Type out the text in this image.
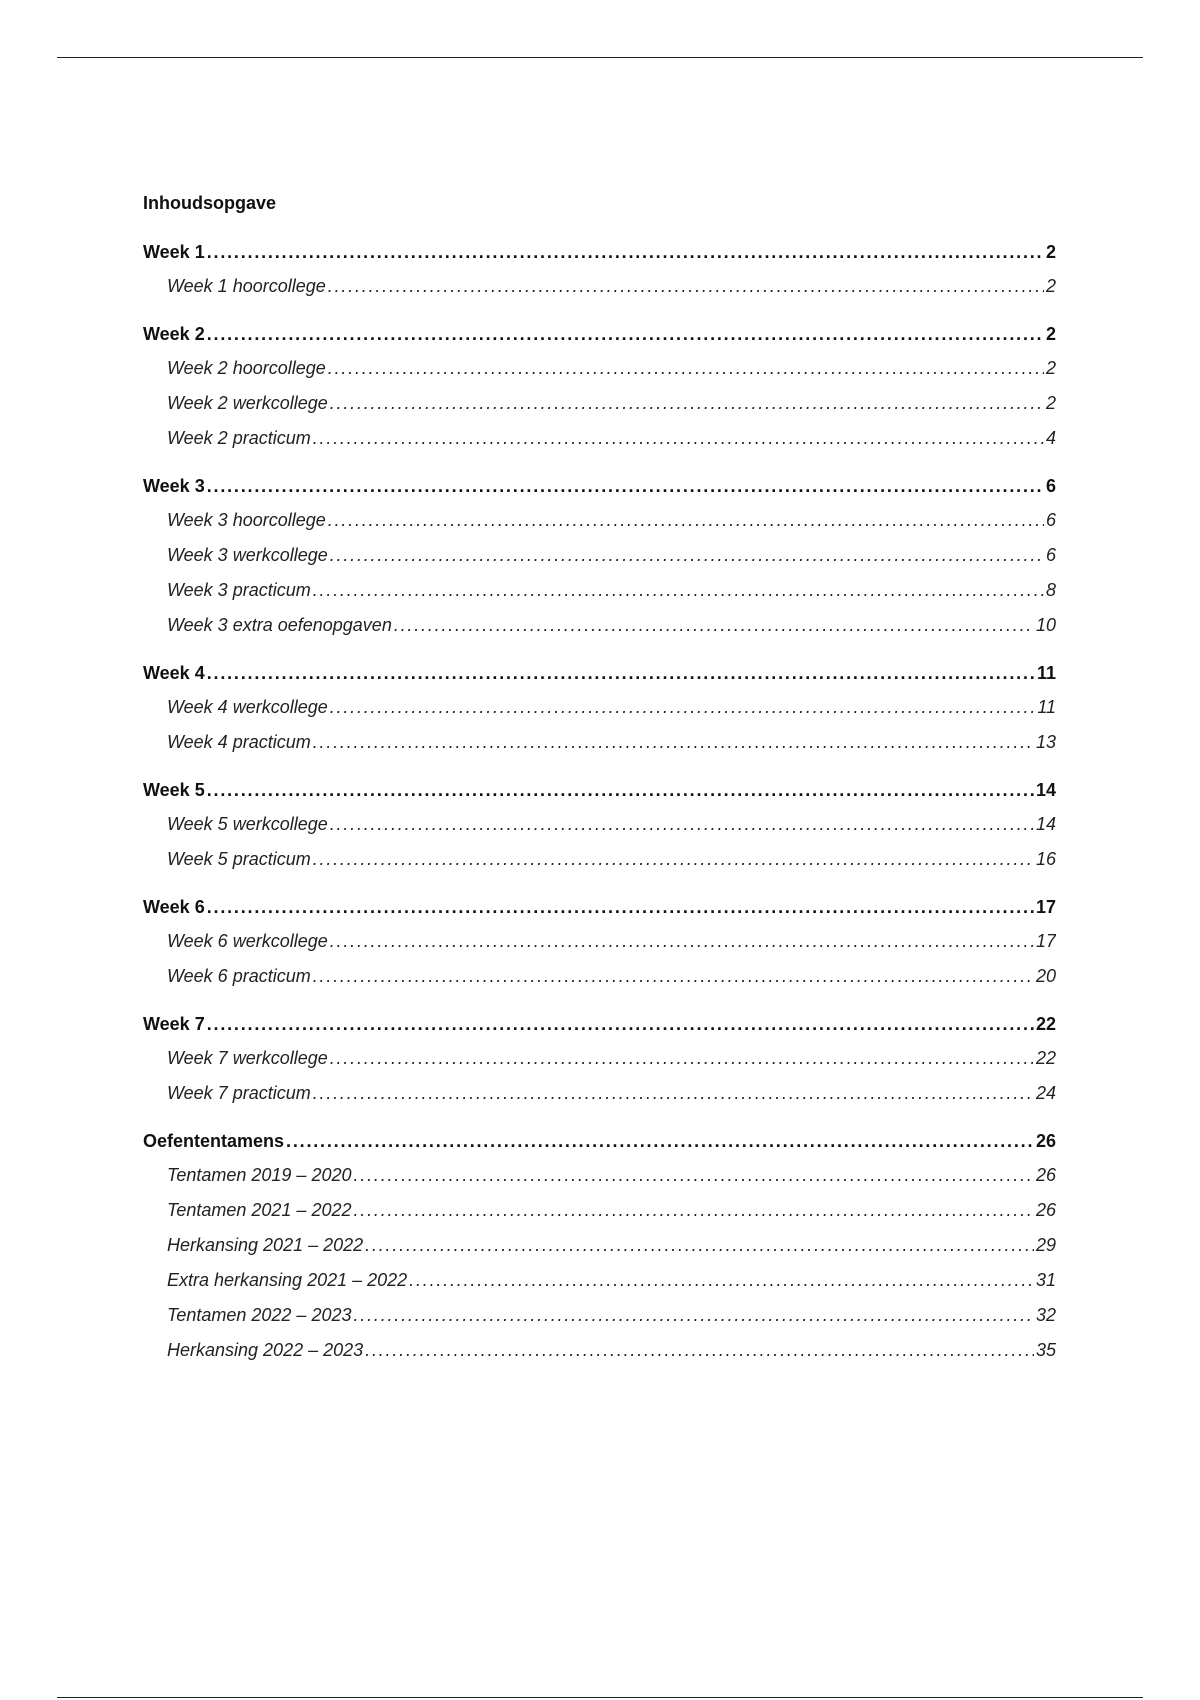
Inhoudsopgave
Week 1 . . .	2
Week 1 hoorcollege . . .	2
Week 2 . . .	2
Week 2 hoorcollege . . .	2
Week 2 werkcollege . . .	2
Week 2 practicum . . .	4
Week 3 . . .	6
Week 3 hoorcollege . . .	6
Week 3 werkcollege . . .	6
Week 3 practicum . . .	8
Week 3 extra oefenopgaven . . .	10
Week 4 . . .	11
Week 4 werkcollege . . .	11
Week 4 practicum . . .	13
Week 5 . . .	14
Week 5 werkcollege . . .	14
Week 5 practicum . . .	16
Week 6 . . .	17
Week 6 werkcollege . . .	17
Week 6 practicum . . .	20
Week 7 . . .	22
Week 7 werkcollege . . .	22
Week 7 practicum . . .	24
Oefententamens . . .	26
Tentamen 2019 – 2020 . . .	26
Tentamen 2021 – 2022 . . .	26
Herkansing 2021 – 2022 . . .	29
Extra herkansing 2021 – 2022 . . .	31
Tentamen 2022 – 2023 . . .	32
Herkansing 2022 – 2023 . . .	35
